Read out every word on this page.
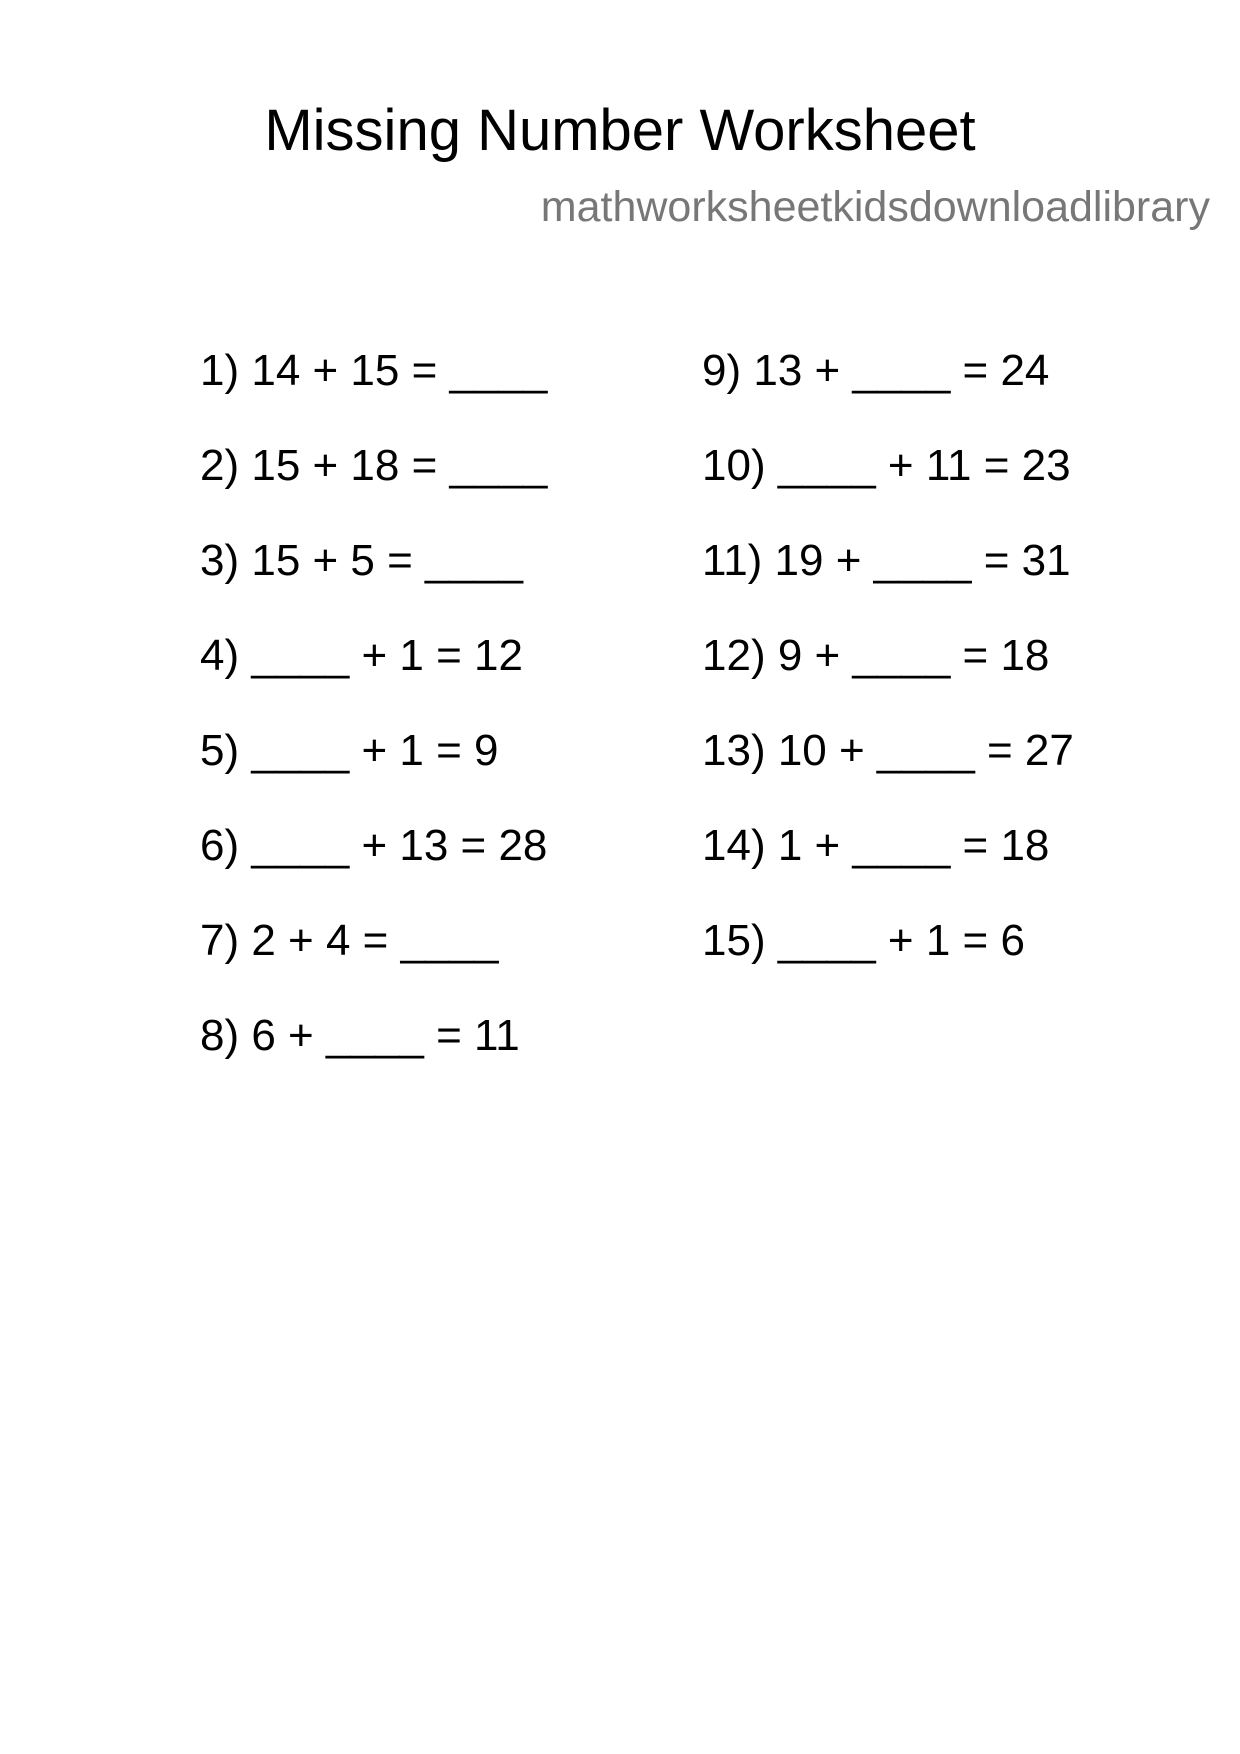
Missing Number Worksheet
mathworksheetkidsdownloadlibrary
1) 14 + 15 = ____
2) 15 + 18 = ____
3) 15 + 5 = ____
4) ____ + 1 = 12
5) ____ + 1 = 9
6) ____ + 13 = 28
7) 2 + 4 = ____
8) 6 + ____ = 11
9) 13 + ____ = 24
10) ____ + 11 = 23
11) 19 + ____ = 31
12) 9 + ____ = 18
13) 10 + ____ = 27
14) 1 + ____ = 18
15) ____ + 1 = 6
